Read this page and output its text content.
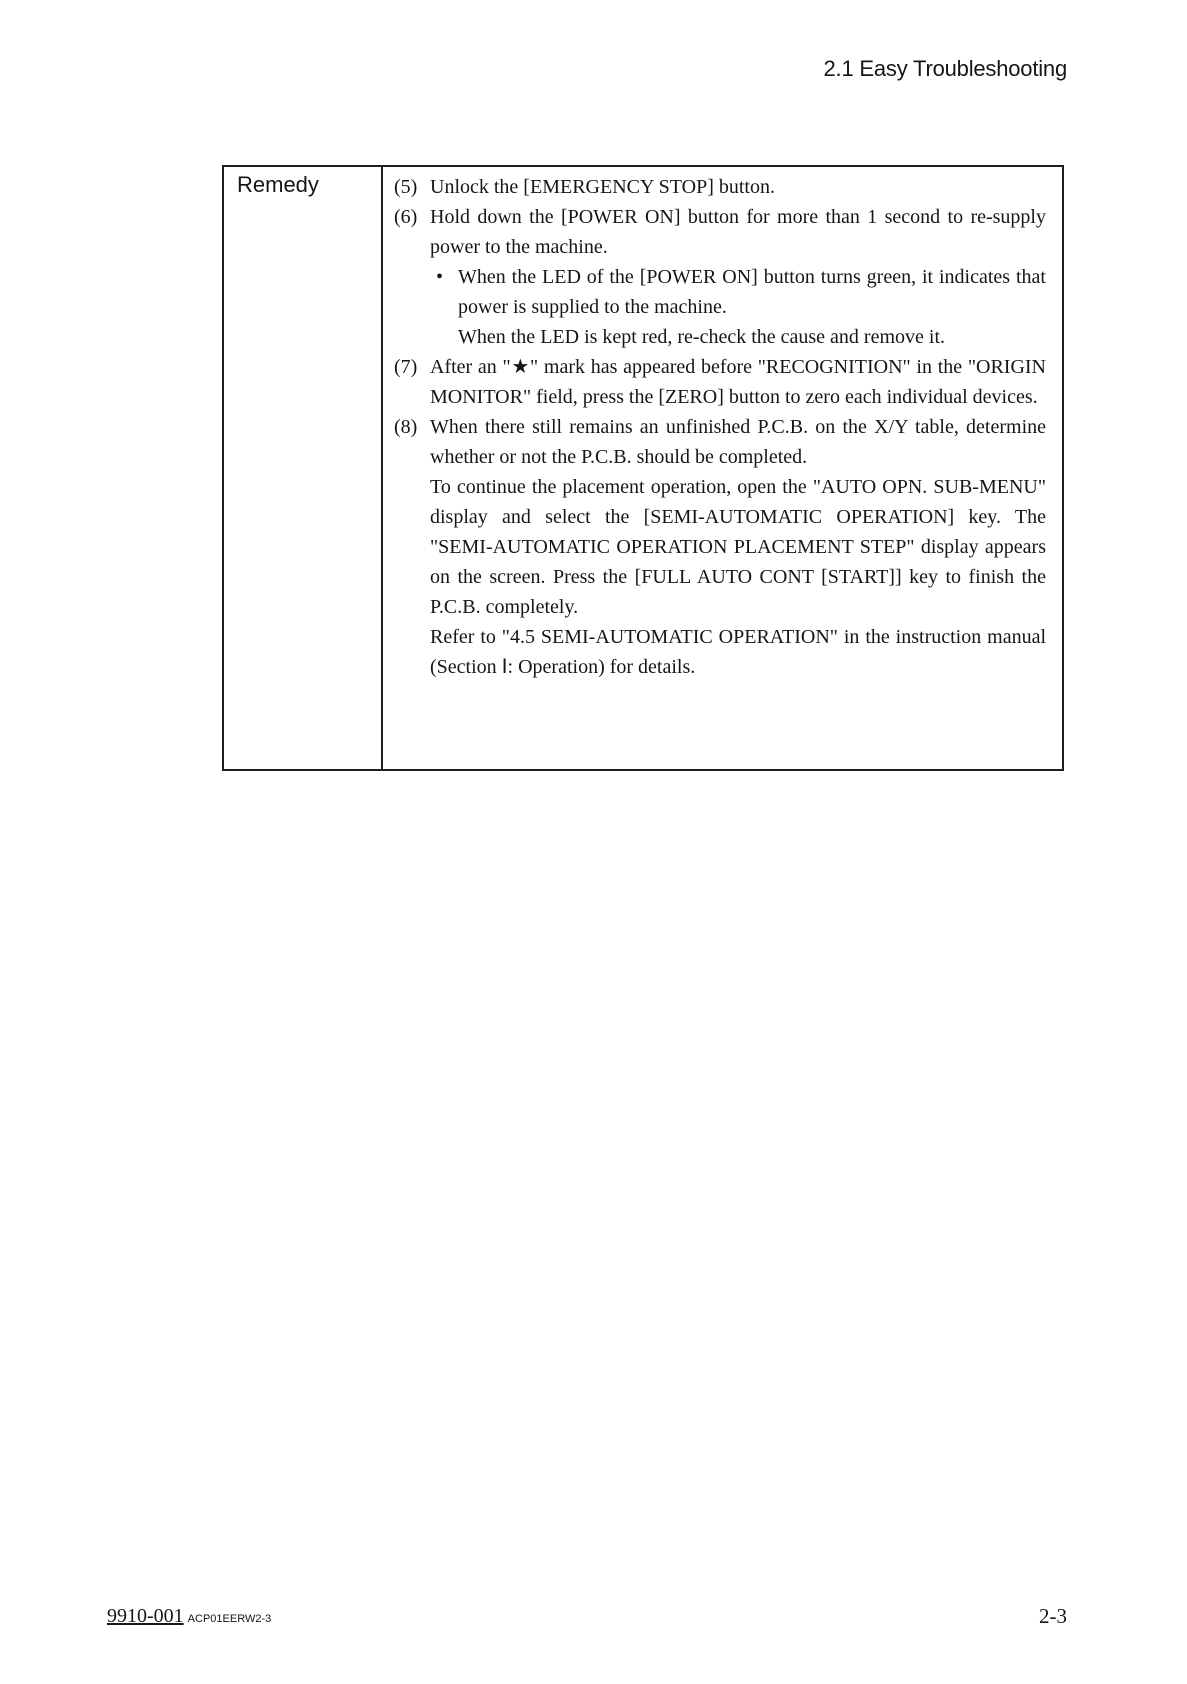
2.1 Easy Troubleshooting
Remedy	(5) Unlock the [EMERGENCY STOP] button.
(6) Hold down the [POWER ON] button for more than 1 second to re-supply power to the machine.
• When the LED of the [POWER ON] button turns green, it indicates that power is supplied to the machine.
When the LED is kept red, re-check the cause and remove it.
(7) After an "★" mark has appeared before "RECOGNITION" in the "ORIGIN MONITOR" field, press the [ZERO] button to zero each individual devices.
(8) When there still remains an unfinished P.C.B. on the X/Y table, determine whether or not the P.C.B. should be completed.
To continue the placement operation, open the "AUTO OPN. SUB-MENU" display and select the [SEMI-AUTOMATIC OPERATION] key. The "SEMI-AUTOMATIC OPERATION PLACEMENT STEP" display appears on the screen. Press the [FULL AUTO CONT [START]] key to finish the P.C.B. completely.
Refer to "4.5 SEMI-AUTOMATIC OPERATION" in the instruction manual (Section Ⅰ: Operation) for details.
9910-001 ACP01EERW2-3	2-3
